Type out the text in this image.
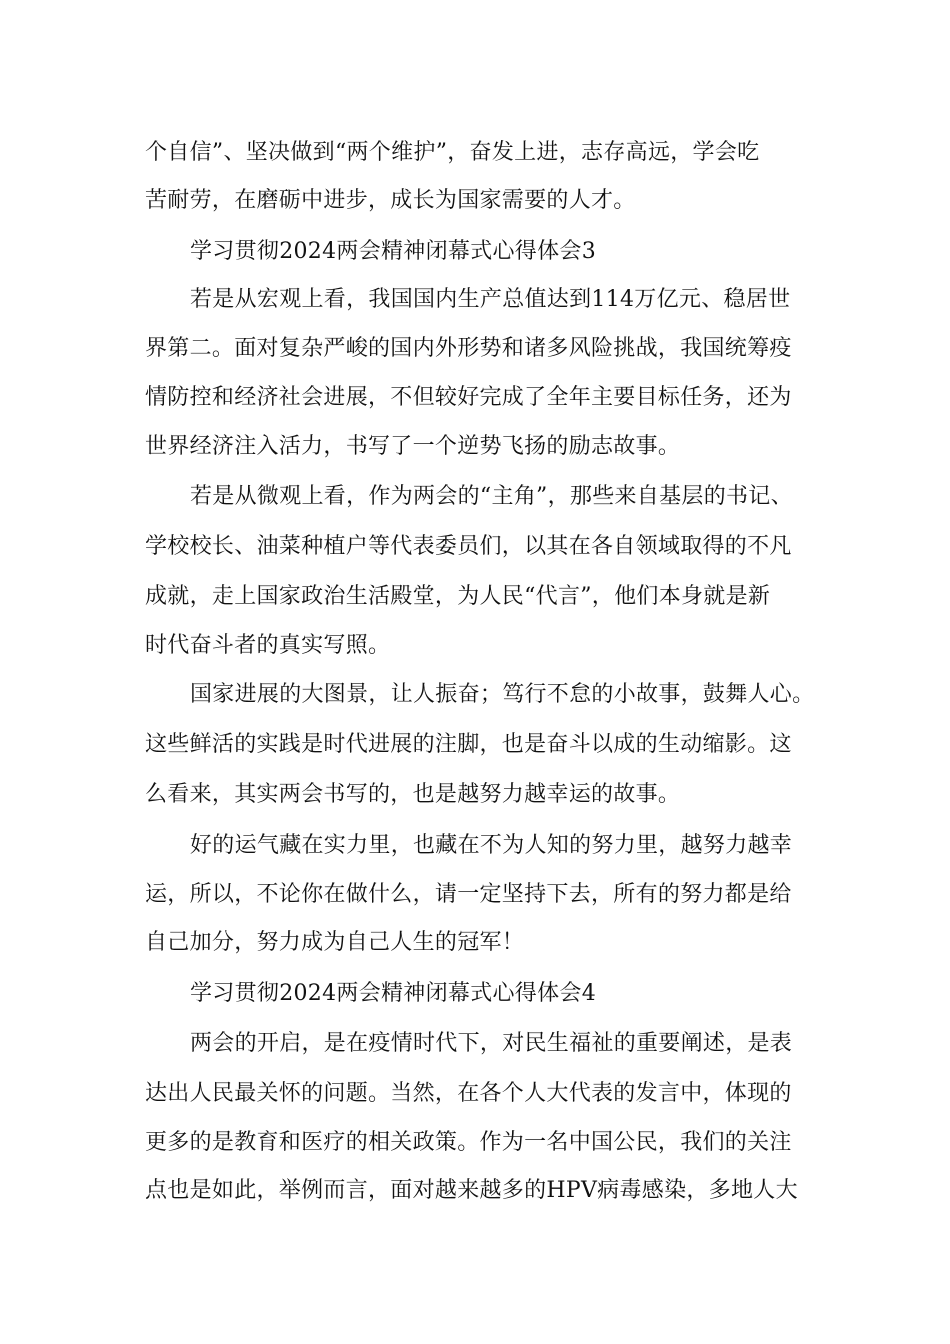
个自信”、坚决做到“两个维护”，奋发上进，志存高远，学会吃
苦耐劳，在磨砺中进步，成长为国家需要的人才。
学习贯彻2024两会精神闭幕式心得体会3
若是从宏观上看，我国国内生产总值达到114万亿元、稳居世
界第二。面对复杂严峻的国内外形势和诸多风险挑战，我国统筹疫
情防控和经济社会进展，不但较好完成了全年主要目标任务，还为
世界经济注入活力，书写了一个逆势飞扬的励志故事。
若是从微观上看，作为两会的“主角”，那些来自基层的书记、
学校校长、油菜种植户等代表委员们，以其在各自领域取得的不凡
成就，走上国家政治生活殿堂，为人民“代言”，他们本身就是新
时代奋斗者的真实写照。
国家进展的大图景，让人振奋；笃行不怠的小故事，鼓舞人心。
这些鲜活的实践是时代进展的注脚，也是奋斗以成的生动缩影。这
么看来，其实两会书写的，也是越努力越幸运的故事。
好的运气藏在实力里，也藏在不为人知的努力里，越努力越幸
运，所以，不论你在做什么，请一定坚持下去，所有的努力都是给
自己加分，努力成为自己人生的冠军！
学习贯彻2024两会精神闭幕式心得体会4
两会的开启，是在疫情时代下，对民生福祉的重要阐述，是表
达出人民最关怀的问题。当然，在各个人大代表的发言中，体现的
更多的是教育和医疗的相关政策。作为一名中国公民，我们的关注
点也是如此，举例而言，面对越来越多的HPV病毒感染，多地人大
